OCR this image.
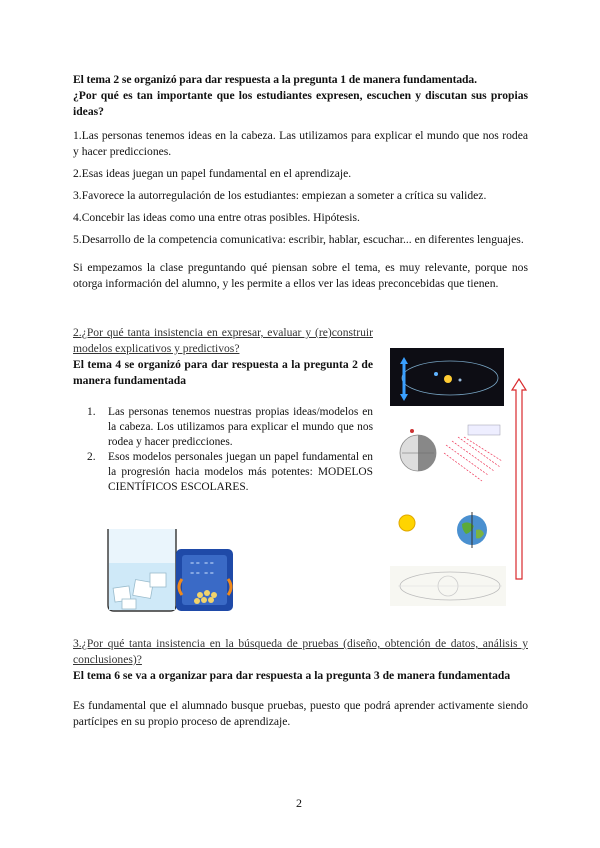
El tema 2 se organizó para dar respuesta a la pregunta 1 de manera fundamentada.

¿Por qué es tan importante que los estudiantes expresen, escuchen y discutan sus propias ideas?

1.Las personas tenemos ideas en la cabeza. Las utilizamos para explicar el mundo que nos rodea y hacer predicciones.

2.Esas ideas juegan un papel fundamental en el aprendizaje.

3.Favorece la autorregulación de los estudiantes: empiezan a someter a crítica su validez.

4.Concebir las ideas como una entre otras posibles. Hipótesis.

5.Desarrollo de la competencia comunicativa: escribir, hablar, escuchar... en diferentes lenguajes.

Si empezamos la clase preguntando qué piensan sobre el tema, es muy relevante, porque nos otorga información del alumno, y les permite a ellos ver las ideas preconcebidas que tienen.

2.¿Por qué tanta insistencia en expresar, evaluar y (re)construir modelos explicativos y predictivos?

El tema 4 se organizó para dar respuesta a la pregunta 2 de manera fundamentada

1. Las personas tenemos nuestras propias ideas/modelos en la cabeza. Los utilizamos para explicar el mundo que nos rodea y hacer predicciones.
2. Esos modelos personales juegan un papel fundamental en la progresión hacia modelos más potentes: MODELOS CIENTÍFICOS ESCOLARES.
= = = =
= = = =

3.¿Por qué tanta insistencia en la búsqueda de pruebas (diseño, obtención de datos, análisis y conclusiones)?

El tema 6 se va a organizar para dar respuesta a la pregunta 3 de manera fundamentada

Es fundamental que el alumnado busque pruebas, puesto que podrá aprender activamente siendo partícipes en su propio proceso de aprendizaje.

2
